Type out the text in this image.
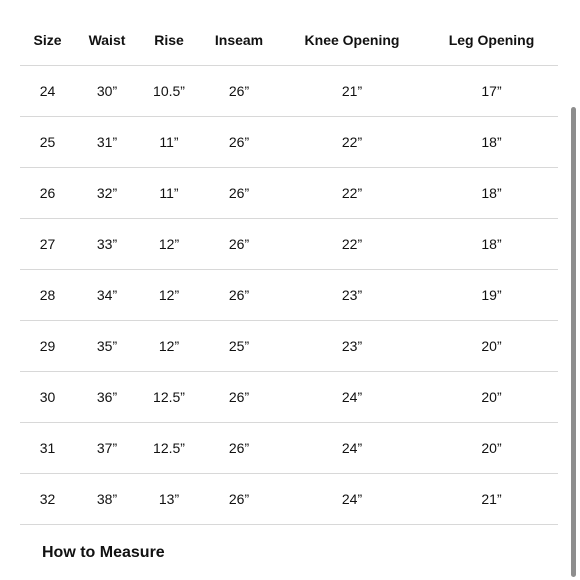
Size	Waist	Rise	Inseam	Knee Opening	Leg Opening
24	30”	10.5”	26”	21”	17”
25	31”	11”	26”	22”	18”
26	32”	11”	26”	22”	18”
27	33”	12”	26”	22”	18”
28	34”	12”	26”	23”	19”
29	35”	12”	25”	23”	20”
30	36”	12.5”	26”	24”	20”
31	37”	12.5”	26”	24”	20”
32	38”	13”	26”	24”	21”
How to Measure
